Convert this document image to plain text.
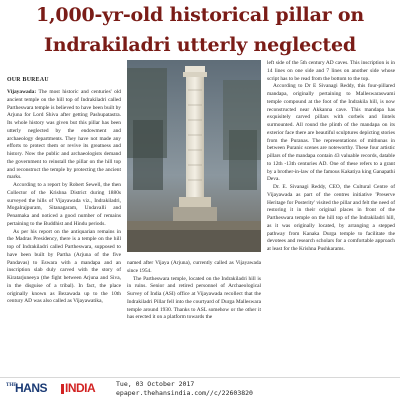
1,000-yr-old historical pillar on
Indrakiladri utterly neglected
OUR BUREAU

Vijayawada: The most historic and centuries' old ancient temple on the hill top of Indrakiladri called Partheswara temple is believed to have been built by Arjuna for Lord Shiva after getting Pashupatastra. Its whole history was given but this pillar has been utterly neglected by the endowment and archaeology departments. They have not made any efforts to protect them or revive its greatness and history. Now the public and archaeologists demand the government to reinstall the pillar on the hill top and reconstruct the temple by protecting the ancient marks.

According to a report by Robert Sewell, the then Collector of the Krishna District during 1880s surveyed the hills of Vijayawada viz., Indrakiladri, Mogalrajpuram, Sitanagaram, Undavalli and Penamaka and noticed a good number of remains pertaining to the Buddhist and Hindu periods.

As per his report on the antiquarian remains in the Madras Presidency, there is a temple on the hill top of Indrakiladri called Partheswara, supposed to have been built by Partha (Arjuna of the five Pandavas) to Eswara with a mandapa and an inscription slab duly carved with the story of Kiratarjuneeya (the fight between Arjuna and Siva, in the disguise of a tribal). In fact, the place originally known as Bezawada up to the 10th century AD was also called as Vijayawatika,

named after Vijaya (Arjuna), currently called as Vijayawada since 1954.

The Partheswara temple, located on the Indrakiladri hill is in ruins. Senior and retired personnel of Archaeological Survey of India (ASI) office at Vijayawada recollect that the Indrakiladri Pillar fell into the courtyard of Durga Malleswara temple around 1930. Thanks to ASL somehow or the other it has erected it on a platform towards the

left side of the 5th century AD caves. This inscription is in 14 lines on one side and 7 lines on another side whose script has to be read from the bottom to the top.

According to Dr E Sivanagi Reddy, this four-pillared mandapa, originally pertaining to Malleswaraswami temple compound at the foot of the Indrakila hill, is now reconstructed near Akkanna cave. This mandapa has exquisitely carved pillars with corbels and lintels surmounted. All round the plinth of the mandapa on its exterior face there are beautiful sculptures depicting stories from the Puranas. The representations of mithunas in between Puranic scenes are noteworthy. These four artistic pillars of the mandapa contain 43 valuable records, datable to 12th -13th centuries AD. One of these refers to a grant by a brother-in-law of the famous Kakatiya king Ganapathi Deva.

Dr. E. Sivanagi Reddy, CEO, the Cultural Centre of Vijayawada as part of the centres initiative 'Preserve Heritage for Posterity' visited the pillar and felt the need of restoring it in their original places in front of the Partheswara temple on the hill top of the Indrakiladri hill, as it was originally located, by arranging a stepped pathway from Kanaka Durga temple to facilitate the devotees and research scholars for a comfortable approach at least for the Krishna Pushkarams.

THE
HANS INDIA	Tue, 03 October 2017
epaper.thehansindia.com//c/22603820
